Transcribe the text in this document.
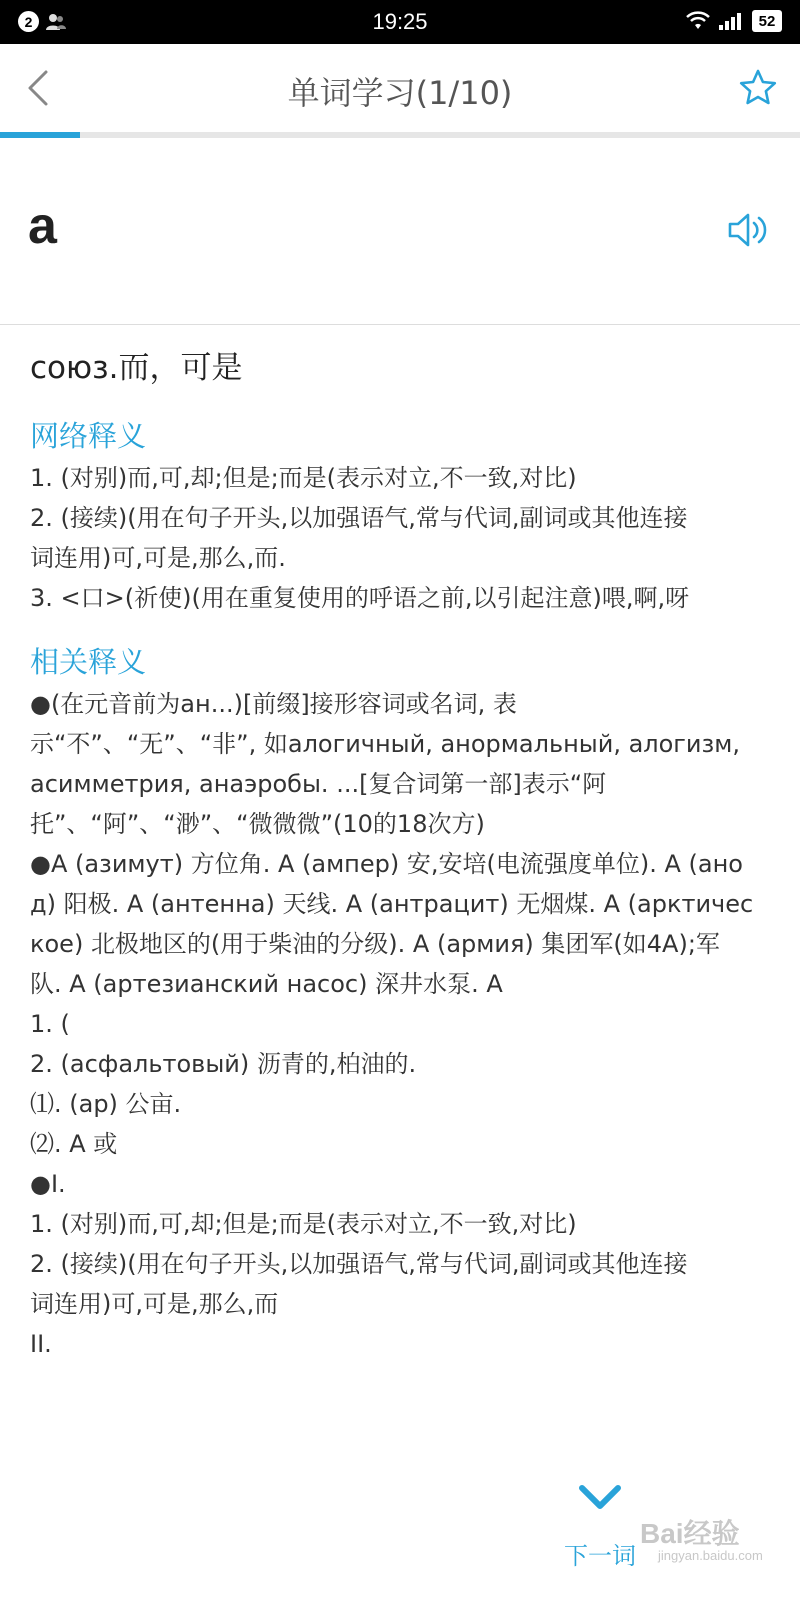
2	19:25	52
单词学习(1/10)
a
союз.而，可是
网络释义
1. (对别)而,可,却;但是;而是(表示对立,不一致,对比)
2. (接续)(用在句子开头,以加强语气,常与代词,副词或其他连接
词连用)可,可是,那么,而.
3. <口>(祈使)(用在重复使用的呼语之前,以引起注意)喂,啊,呀
相关释义
●(在元音前为ан...)[前缀]接形容词或名词, 表
示“不”、“无”、“非”, 如алогичный, анормальный, алогизм,
асимметрия, анаэробы. ...[复合词第一部]表示“阿
托”、“阿”、“渺”、“微微微”(10的18次方)
●А (азимут) 方位角. А (ампер) 安,安培(电流强度单位). А (ано
д) 阳极. А (антенна) 天线. А (антрацит) 无烟煤. А (арктичес
кое) 北极地区的(用于柴油的分级). А (армия) 集团军(如4А);军
队. А (артезианский насос) 深井水泵. А
1. (
2. (асфальтовый) 沥青的,柏油的.
⑴. (ар) 公亩.
⑵. А 或
●I.
1. (对别)而,可,却;但是;而是(表示对立,不一致,对比)
2. (接续)(用在句子开头,以加强语气,常与代词,副词或其他连接
词连用)可,可是,那么,而
II.
下一词
Bai经验
jingyan.baidu.com
